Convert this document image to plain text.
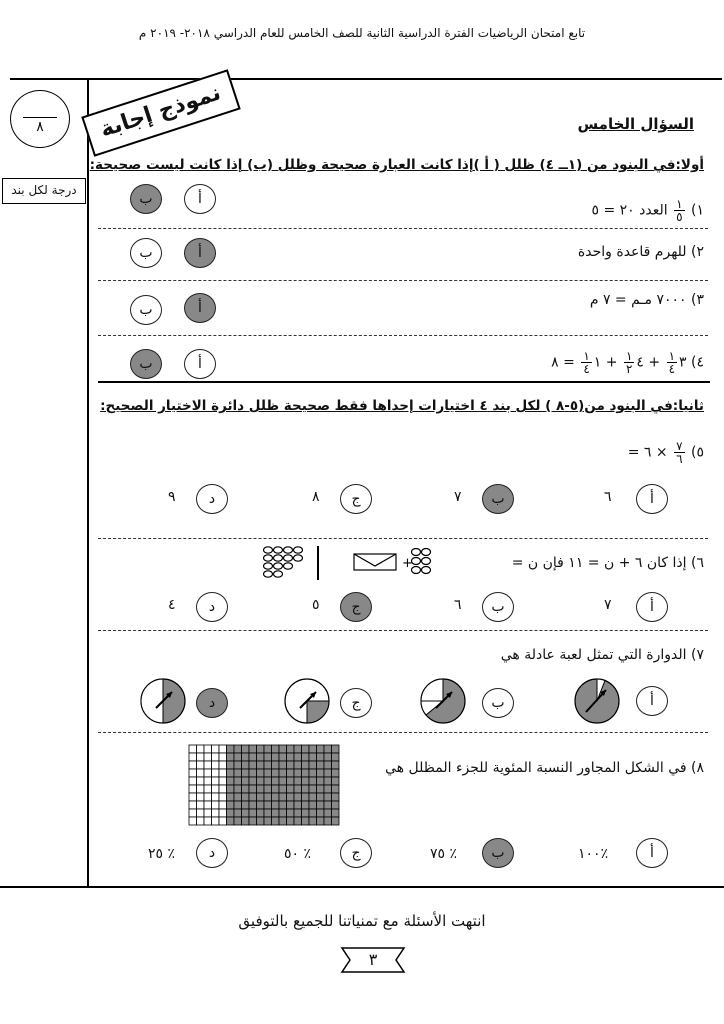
تابع امتحان الرياضيات الفترة الدراسية الثانية للصف الخامس للعام الدراسي ٢٠١٨- ٢٠١٩ م
٨
درجة لكل بند
نموذج إجابة	السؤال الخامس
أولا:في البنود من (١ــ ٤) ظلل ( أ )إذا كانت العبارة صحيحة وظلل (ب) إذا كانت ليست صحيحة:
١)
$\frac{١}{٥}$
العدد ٢٠ = ٥
أ
ب
٢) للهرم قاعدة واحدة
أ
ب
٣) ٧٠٠٠ مـم = ٧ م
أ
ب
٤) ٣
$\frac{١}{٤}$
+ ٤
$\frac{١}{٢}$
+ ١
$\frac{١}{٤}$
= ٨
أ
ب
ثانيا:في البنود من(٥-٨ ) لكل بند ٤ اختيارات إحداها فقط صحيحة ظلل دائرة الاختيار الصحيح:
٥)
$\frac{٧}{٦}$
× ٦ =
أ
٦
ب
٧
ج
٨
د
٩
٦) إذا كان ٦ + ن = ١١ فإن ن =
+
أ
٧
ب
٦
ج
٥
د
٤
٧) الدوارة التي تمثل لعبة عادلة هي
أ
ب
ج
د
٨) في الشكل المجاور النسبة المئوية للجزء المظلل هي
أ
٪١٠٠
ب
٪ ٧٥
ج
٪ ٥٠
د
٪ ٢٥
انتهت الأسئلة مع تمنياتنا للجميع بالتوفيق
٣
